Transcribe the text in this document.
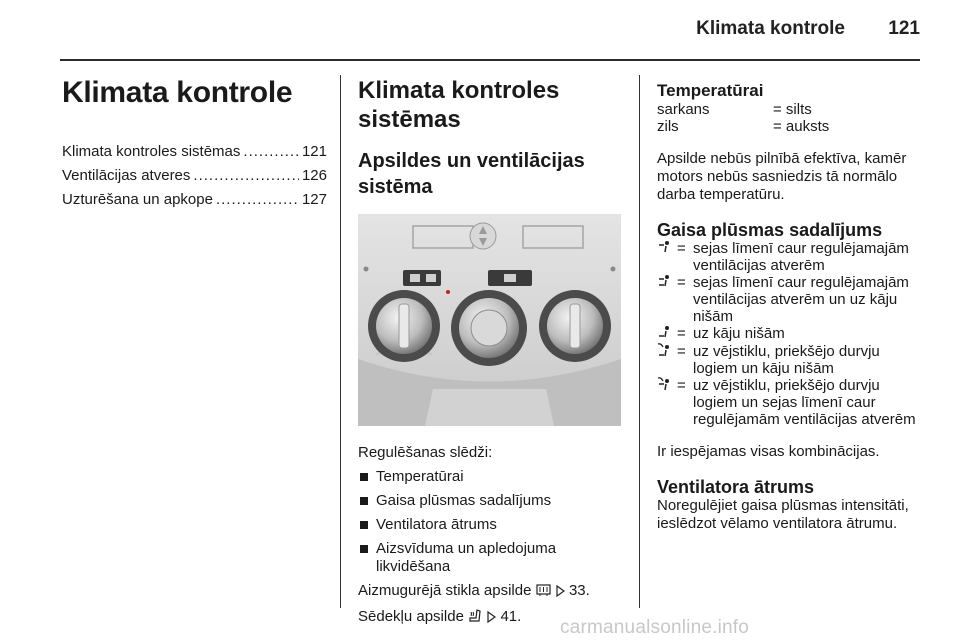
Klimata kontrole 121
Klimata kontrole
Klimata kontroles sistēmas .....	121
Ventilācijas atveres .....	126
Uzturēšana un apkope .....	127
Klimata kontroles
sistēmas
Apsildes un ventilācijas
sistēma
Regulēšanas slēdži:
Temperatūrai
Gaisa plūsmas sadalījums
Ventilatora ātrums
Aizsvīduma un apledojuma likvidēšana
Aizmugurējā stikla apsilde	33.
Sēdekļu apsilde 41.
Temperatūrai
sarkans	= silts
zils	= auksts
Apsilde nebūs pilnībā efektīva, kamēr motors nebūs sasniedzis tā normālo darba temperatūru.
Gaisa plūsmas sadalījums
= sejas līmenī caur regulējamajām ventilācijas atverēm
= sejas līmenī caur regulējamajām ventilācijas atverēm un uz kāju nišām
= uz kāju nišām
= uz vējstiklu, priekšējo durvju logiem un kāju nišām
= uz vējstiklu, priekšējo durvju logiem un sejas līmenī caur regulējamām ventilācijas atverēm
Ir iespējamas visas kombinācijas.
Ventilatora ātrums
Noregulējiet gaisa plūsmas intensitāti, ieslēdzot vēlamo ventilatora ātrumu.
carmanualsonline.info
